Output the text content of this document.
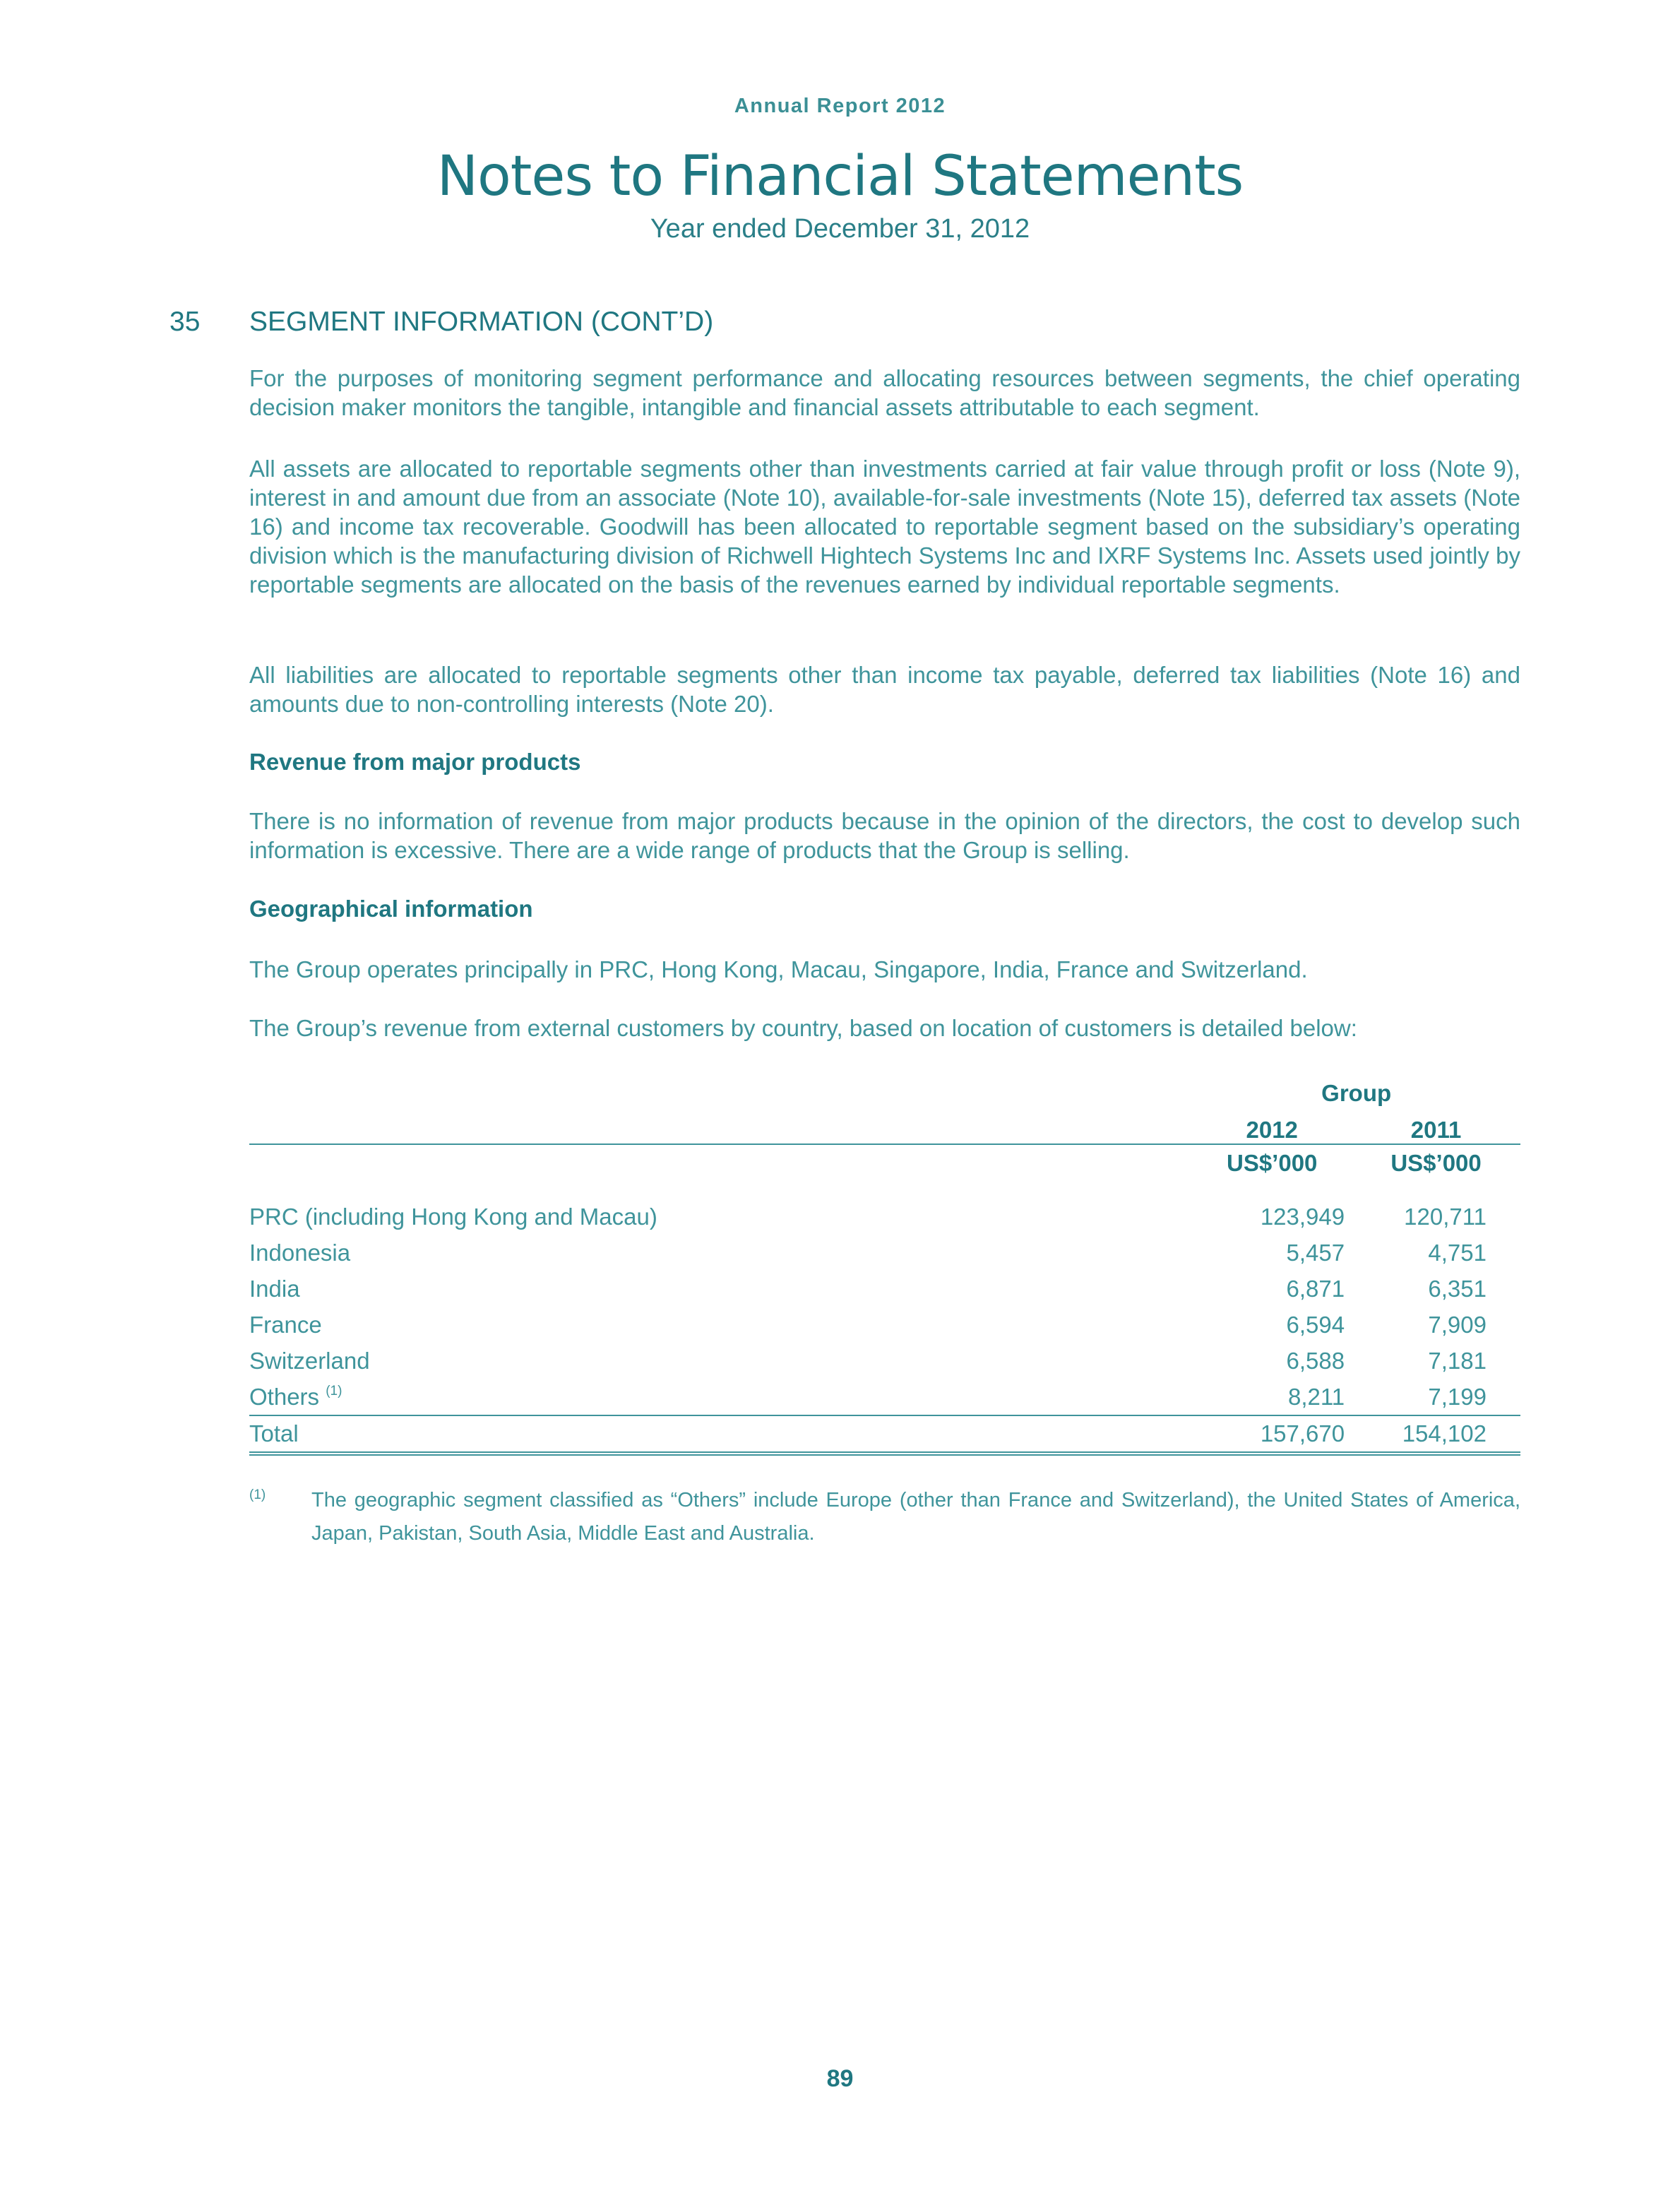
Annual Report 2012
Notes to Financial Statements
Year ended December 31, 2012
35 SEGMENT INFORMATION (CONT’D)
For the purposes of monitoring segment performance and allocating resources between segments, the chief operating decision maker monitors the tangible, intangible and financial assets attributable to each segment.
All assets are allocated to reportable segments other than investments carried at fair value through profit or loss (Note 9), interest in and amount due from an associate (Note 10), available-for-sale investments (Note 15), deferred tax assets (Note 16) and income tax recoverable. Goodwill has been allocated to reportable segment based on the subsidiary’s operating division which is the manufacturing division of Richwell Hightech Systems Inc and IXRF Systems Inc. Assets used jointly by reportable segments are allocated on the basis of the revenues earned by individual reportable segments.
All liabilities are allocated to reportable segments other than income tax payable, deferred tax liabilities (Note 16) and amounts due to non-controlling interests (Note 20).
Revenue from major products
There is no information of revenue from major products because in the opinion of the directors, the cost to develop such information is excessive. There are a wide range of products that the Group is selling.
Geographical information
The Group operates principally in PRC, Hong Kong, Macau, Singapore, India, France and Switzerland.
The Group’s revenue from external customers by country, based on location of customers is detailed below:
	Group	
	2012	2011

	US$’000	US$’000

PRC (including Hong Kong and Macau)	123,949	120,711
Indonesia	5,457	4,751
India	6,871	6,351
France	6,594	7,909
Switzerland	6,588	7,181
Others $^{(1)}$	8,211	7,199
Total	157,670	154,102
(1) The geographic segment classified as “Others” include Europe (other than France and Switzerland), the United States of America, Japan, Pakistan, South Asia, Middle East and Australia.
89
